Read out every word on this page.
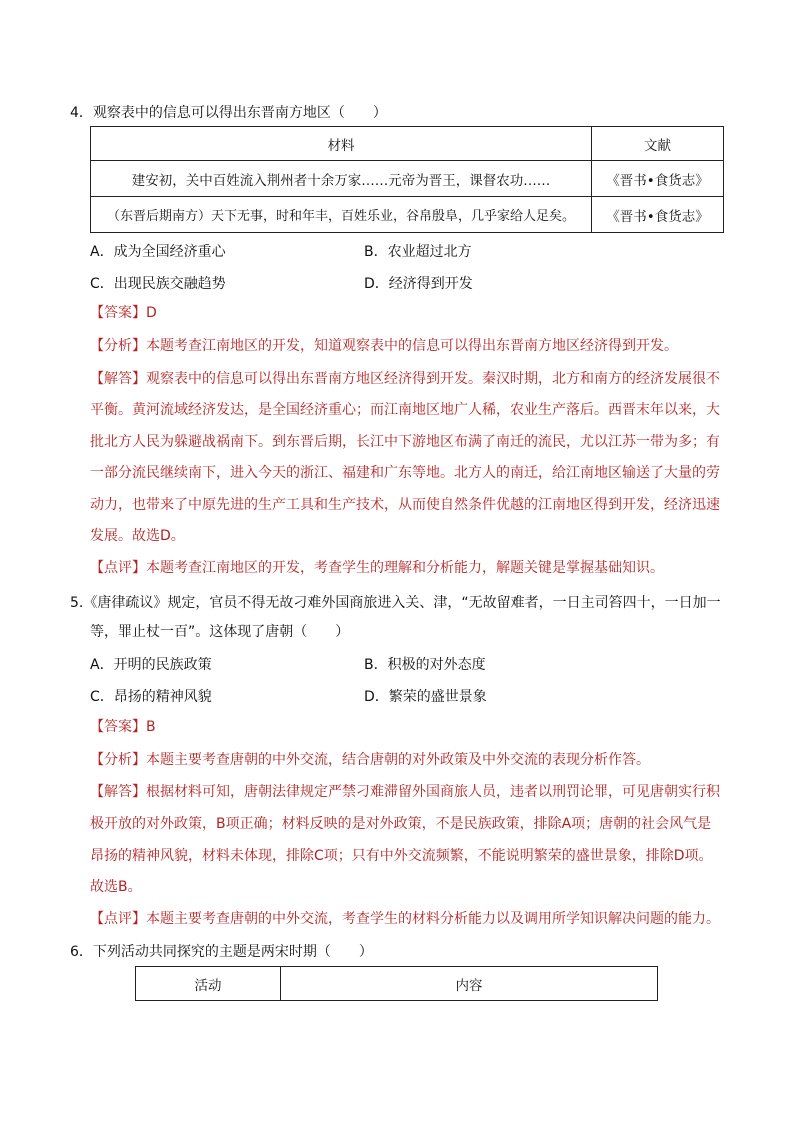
4．观察表中的信息可以得出东晋南方地区（　　）
材料	文献
建安初，关中百姓流入荆州者十余万家……元帝为晋王，课督农功……	《晋书•食货志》
（东晋后期南方）天下无事，时和年丰，百姓乐业，谷帛殷阜，几乎家给人足矣。	《晋书•食货志》
A．成为全国经济重心	B．农业超过北方
C．出现民族交融趋势	D．经济得到开发
【答案】D
【分析】本题考查江南地区的开发，知道观察表中的信息可以得出东晋南方地区经济得到开发。
【解答】观察表中的信息可以得出东晋南方地区经济得到开发。秦汉时期，北方和南方的经济发展很不
平衡。黄河流域经济发达，是全国经济重心；而江南地区地广人稀，农业生产落后。西晋末年以来，大
批北方人民为躲避战祸南下。到东晋后期，长江中下游地区布满了南迁的流民，尤以江苏一带为多；有
一部分流民继续南下，进入今天的浙江、福建和广东等地。北方人的南迁，给江南地区输送了大量的劳
动力，也带来了中原先进的生产工具和生产技术，从而使自然条件优越的江南地区得到开发，经济迅速
发展。故选D。
【点评】本题考查江南地区的开发，考查学生的理解和分析能力，解题关键是掌握基础知识。
5.《唐律疏议》规定，官员不得无故刁难外国商旅进入关、津，“无故留难者，一日主司笞四十，一日加一
等，罪止杖一百”。这体现了唐朝（　　）
A．开明的民族政策	B．积极的对外态度
C．昂扬的精神风貌	D．繁荣的盛世景象
【答案】B
【分析】本题主要考查唐朝的中外交流，结合唐朝的对外政策及中外交流的表现分析作答。
【解答】根据材料可知，唐朝法律规定严禁刁难滞留外国商旅人员，违者以刑罚论罪，可见唐朝实行积
极开放的对外政策，B项正确；材料反映的是对外政策，不是民族政策，排除A项；唐朝的社会风气是
昂扬的精神风貌，材料未体现，排除C项；只有中外交流频繁，不能说明繁荣的盛世景象，排除D项。
故选B。
【点评】本题主要考查唐朝的中外交流，考查学生的材料分析能力以及调用所学知识解决问题的能力。
6．下列活动共同探究的主题是两宋时期（　　）
活动	内容
